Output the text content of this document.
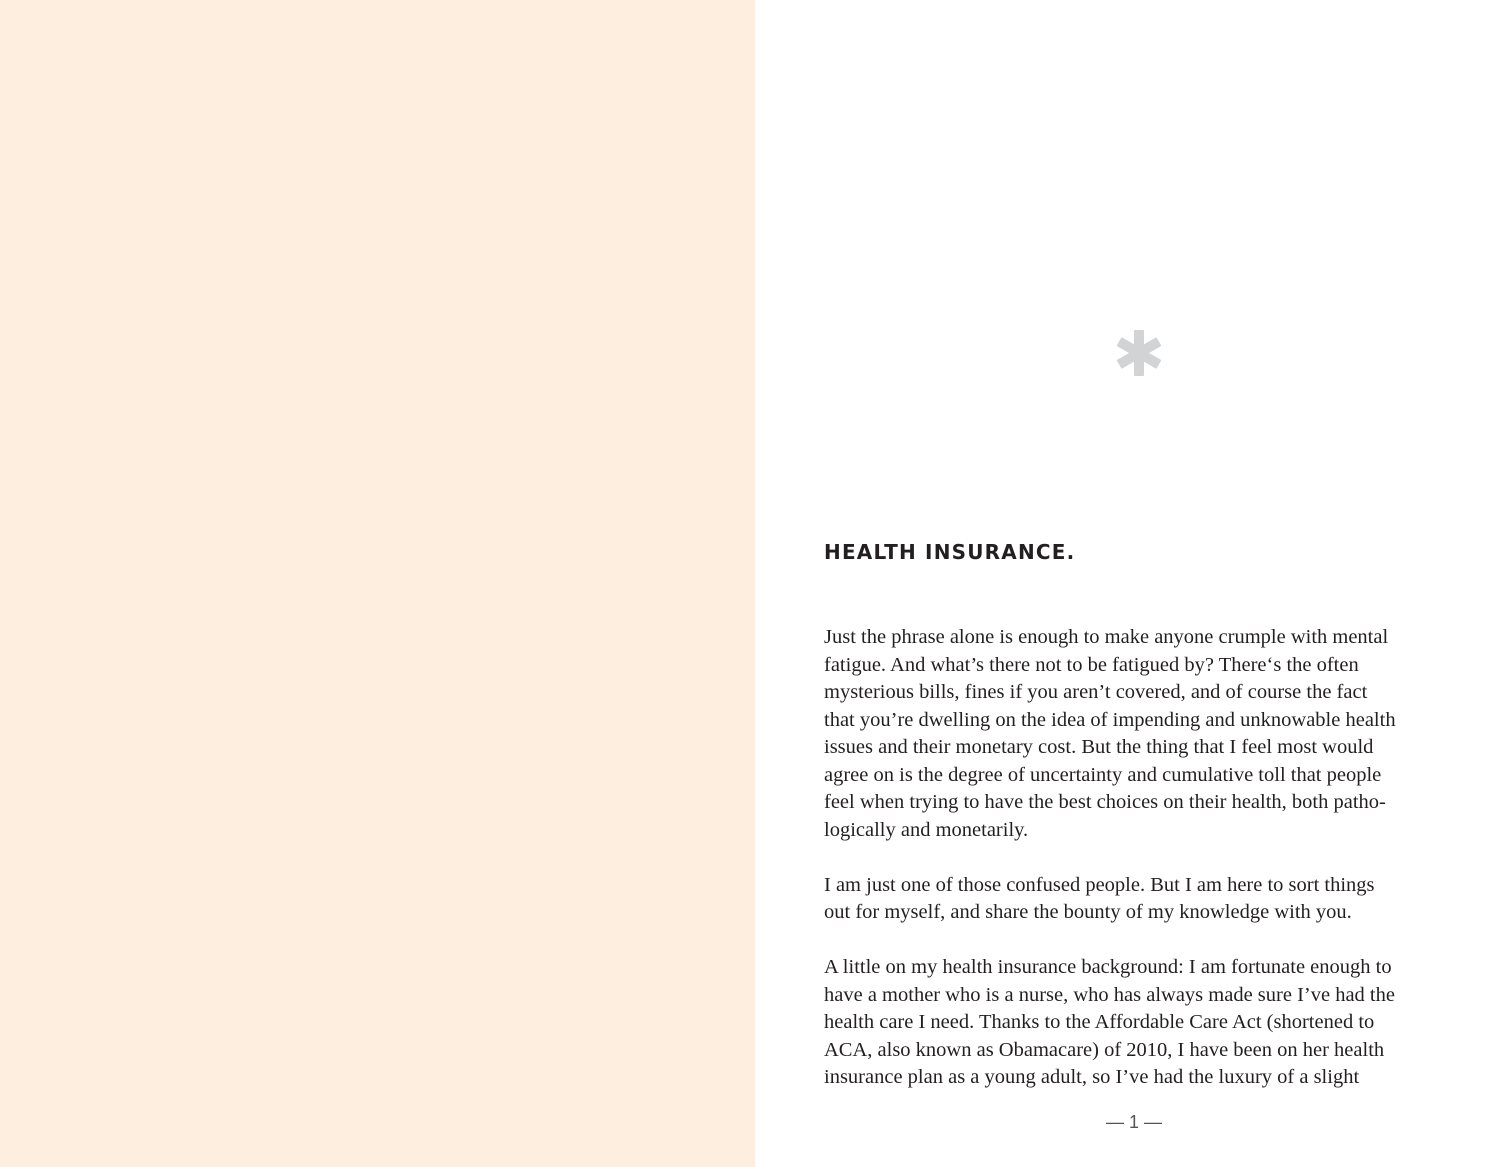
HEALTH INSURANCE.

Just the phrase alone is enough to make anyone crumple with mental
fatigue. And what’s there not to be fatigued by? There‘s the often
mysterious bills, fines if you aren’t covered, and of course the fact
that you’re dwelling on the idea of impending and unknowable health
issues and their monetary cost. But the thing that I feel most would
agree on is the degree of uncertainty and cumulative toll that people
feel when trying to have the best choices on their health, both patho-
logically and monetarily.

I am just one of those confused people. But I am here to sort things
out for myself, and share the bounty of my knowledge with you.

A little on my health insurance background: I am fortunate enough to
have a mother who is a nurse, who has always made sure I’ve had the
health care I need. Thanks to the Affordable Care Act (shortened to
ACA, also known as Obamacare) of 2010, I have been on her health
insurance plan as a young adult, so I’ve had the luxury of a slight

— 1 —
